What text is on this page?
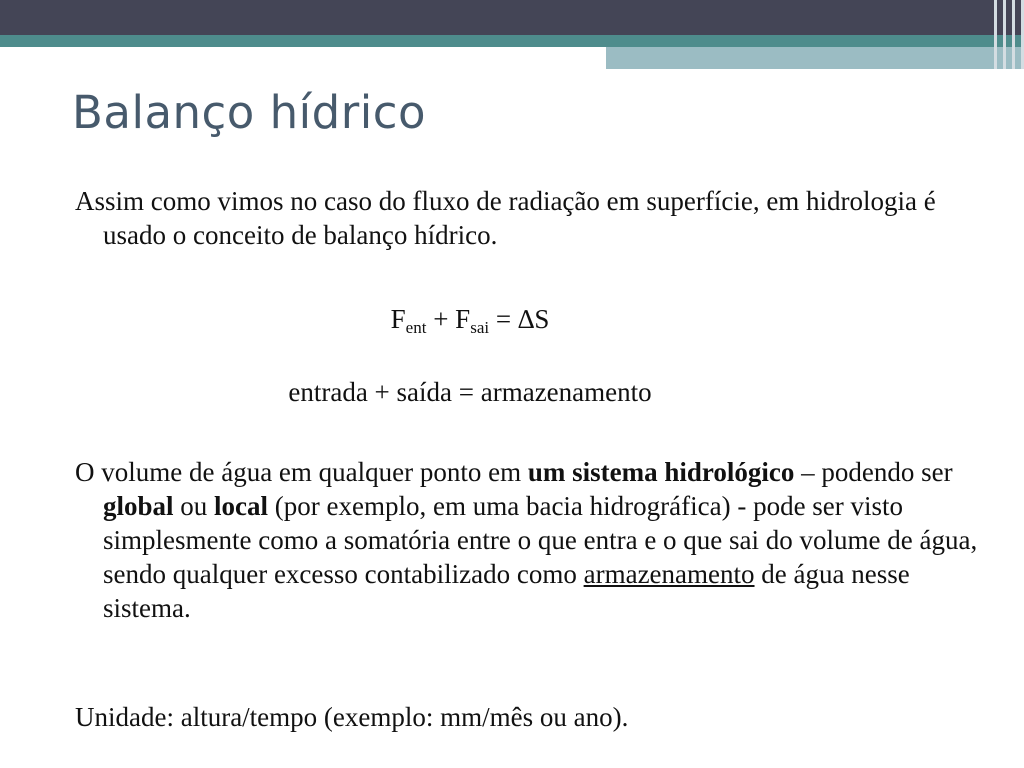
Balanço hídrico

Assim como vimos no caso do fluxo de radiação em superfície, em hidrologia é usado o conceito de balanço hídrico.

$F_{ent} + F_{sai} = \Delta S$

entrada + saída = armazenamento

O volume de água em qualquer ponto em um sistema hidrológico – podendo ser global ou local (por exemplo, em uma bacia hidrográfica) - pode ser visto simplesmente como a somatória entre o que entra e o que sai do volume de água, sendo qualquer excesso contabilizado como armazenamento de água nesse sistema.

Unidade: altura/tempo (exemplo: mm/mês ou ano).
